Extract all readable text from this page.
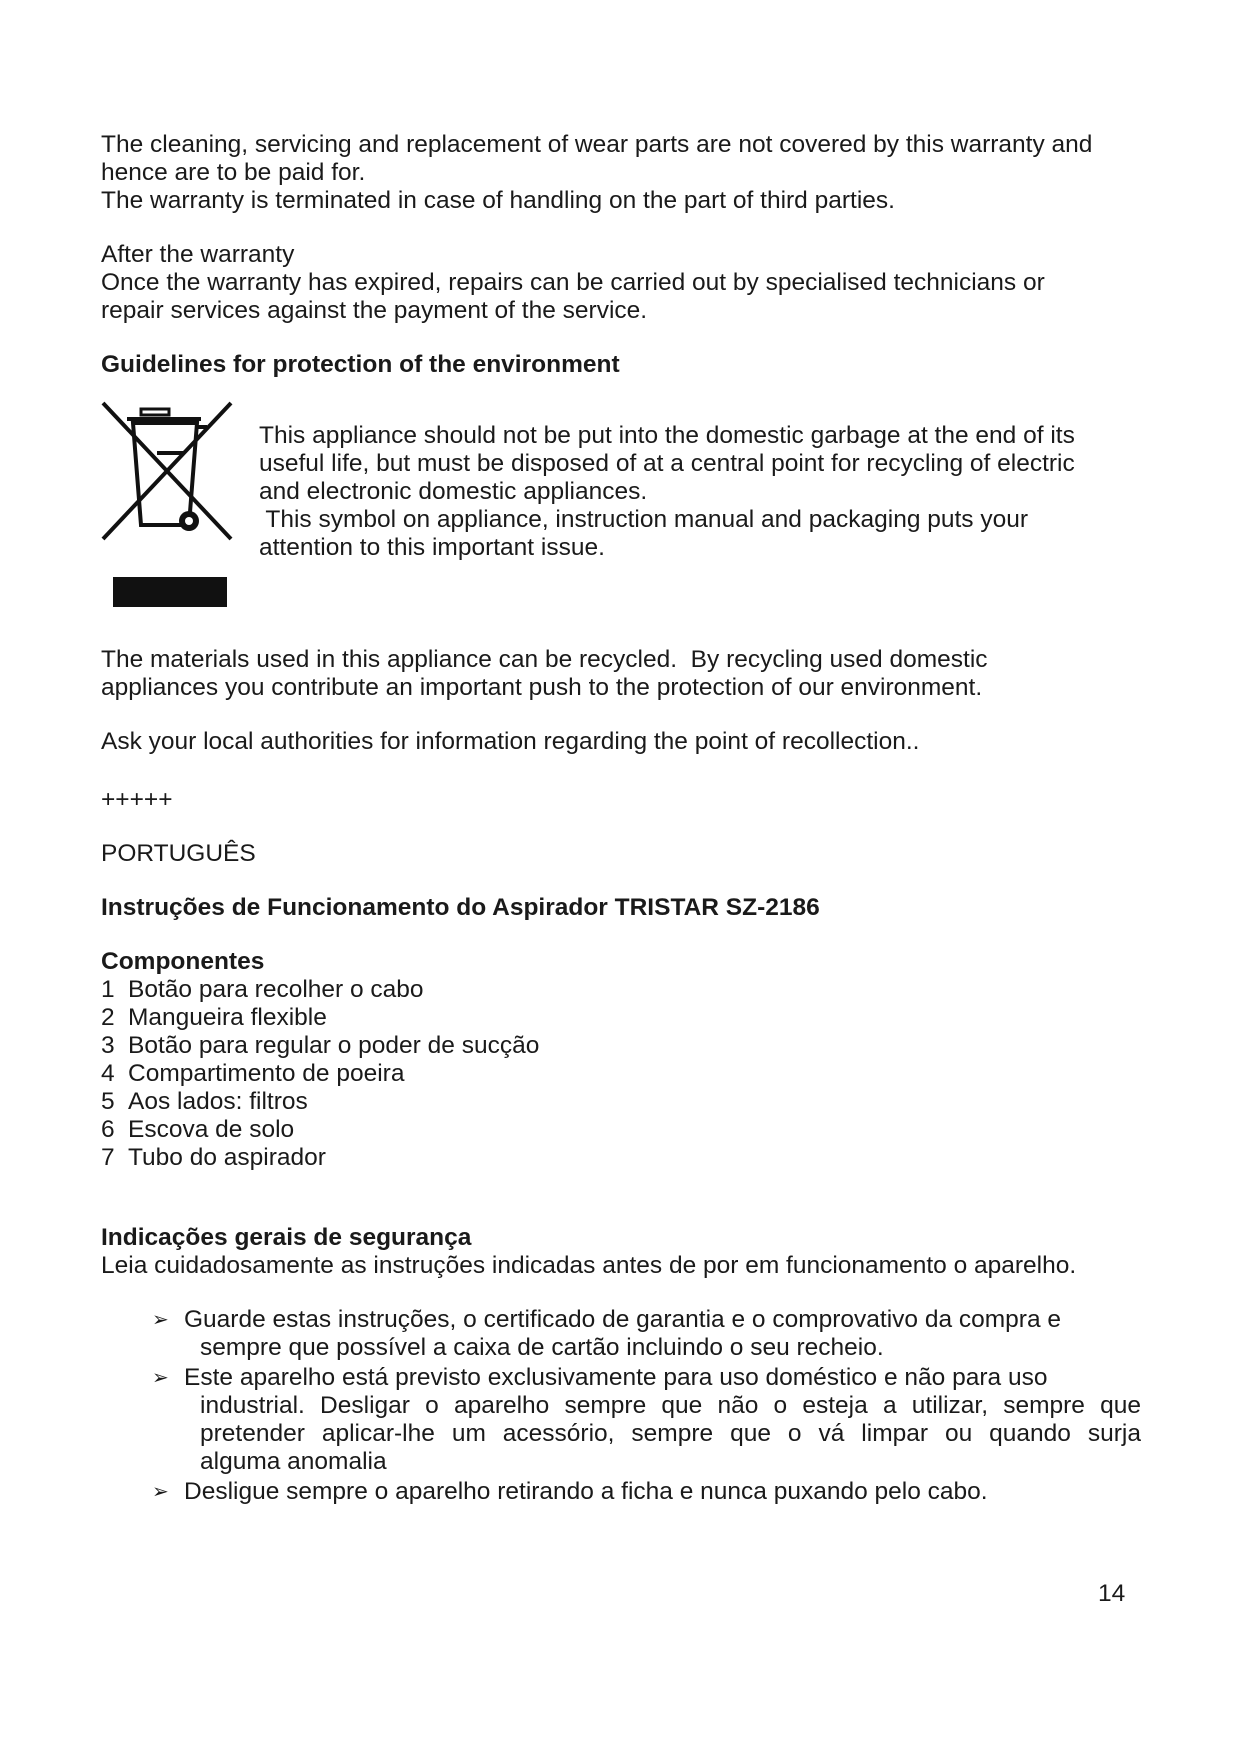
The cleaning, servicing and replacement of wear parts are not covered by this warranty and

hence are to be paid for.

The warranty is terminated in case of handling on the part of third parties.

After the warranty

Once the warranty has expired, repairs can be carried out by specialised technicians or

repair services against the payment of the service.

Guidelines for protection of the environment

This appliance should not be put into the domestic garbage at the end of its

useful life, but must be disposed of at a central point for recycling of electric

and electronic domestic appliances.

This symbol on appliance, instruction manual and packaging puts your

attention to this important issue.

The materials used in this appliance can be recycled.  By recycling used domestic

appliances you contribute an important push to the protection of our environment.

Ask your local authorities for information regarding the point of recollection..

+++++

PORTUGUÊS

Instruções de Funcionamento do Aspirador TRISTAR SZ-2186

Componentes

1 Botão para recolher o cabo
2 Mangueira flexible
3 Botão para regular o poder de sucção
4 Compartimento de poeira
5 Aos lados: filtros
6 Escova de solo
7 Tubo do aspirador

Indicações gerais de segurança

Leia cuidadosamente as instruções indicadas antes de por em funcionamento o aparelho.

➢ Guarde estas instruções, o certificado de garantia e o comprovativo da compra e
sempre que possível a caixa de cartão incluindo o seu recheio.
➢ Este aparelho está previsto exclusivamente para uso doméstico e não para uso
industrial. Desligar o aparelho sempre que não o esteja a utilizar, sempre que
pretender aplicar-lhe um acessório, sempre que o vá limpar ou quando surja
alguma anomalia
➢ Desligue sempre o aparelho retirando a ficha e nunca puxando pelo cabo.
14
